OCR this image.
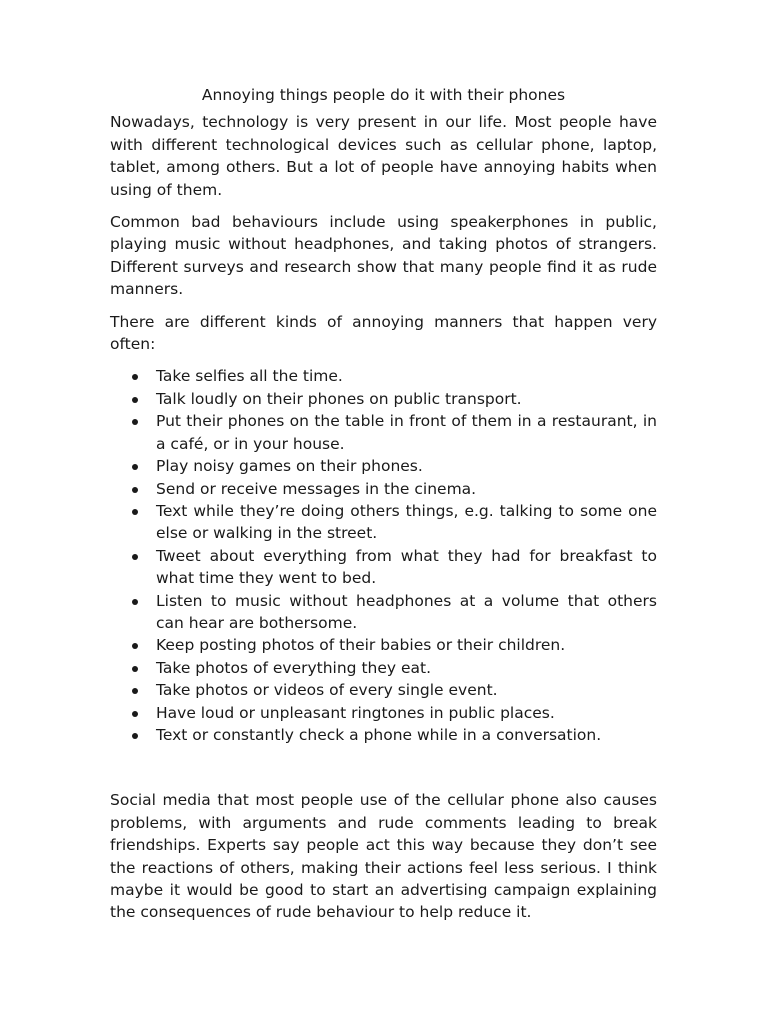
Annoying things people do it with their phones

Nowadays, technology is very present in our life. Most people have with different technological devices such as cellular phone, laptop, tablet, among others. But a lot of people have annoying habits when using of them.

Common bad behaviours include using speakerphones in public, playing music without headphones, and taking photos of strangers. Different surveys and research show that many people find it as rude manners.

There are different kinds of annoying manners that happen very often:

Take selfies all the time.
Talk loudly on their phones on public transport.
Put their phones on the table in front of them in a restaurant, in a café, or in your house.
Play noisy games on their phones.
Send or receive messages in the cinema.
Text while they’re doing others things, e.g. talking to some one else or walking in the street.
Tweet about everything from what they had for breakfast to what time they went to bed.
Listen to music without headphones at a volume that others can hear are bothersome.
Keep posting photos of their babies or their children.
Take photos of everything they eat.
Take photos or videos of every single event.
Have loud or unpleasant ringtones in public places.
Text or constantly check a phone while in a conversation.

Social media that most people use of the cellular phone also causes problems, with arguments and rude comments leading to break friendships. Experts say people act this way because they don’t see the reactions of others, making their actions feel less serious. I think maybe it would be good to start an advertising campaign explaining the consequences of rude behaviour to help reduce it.
